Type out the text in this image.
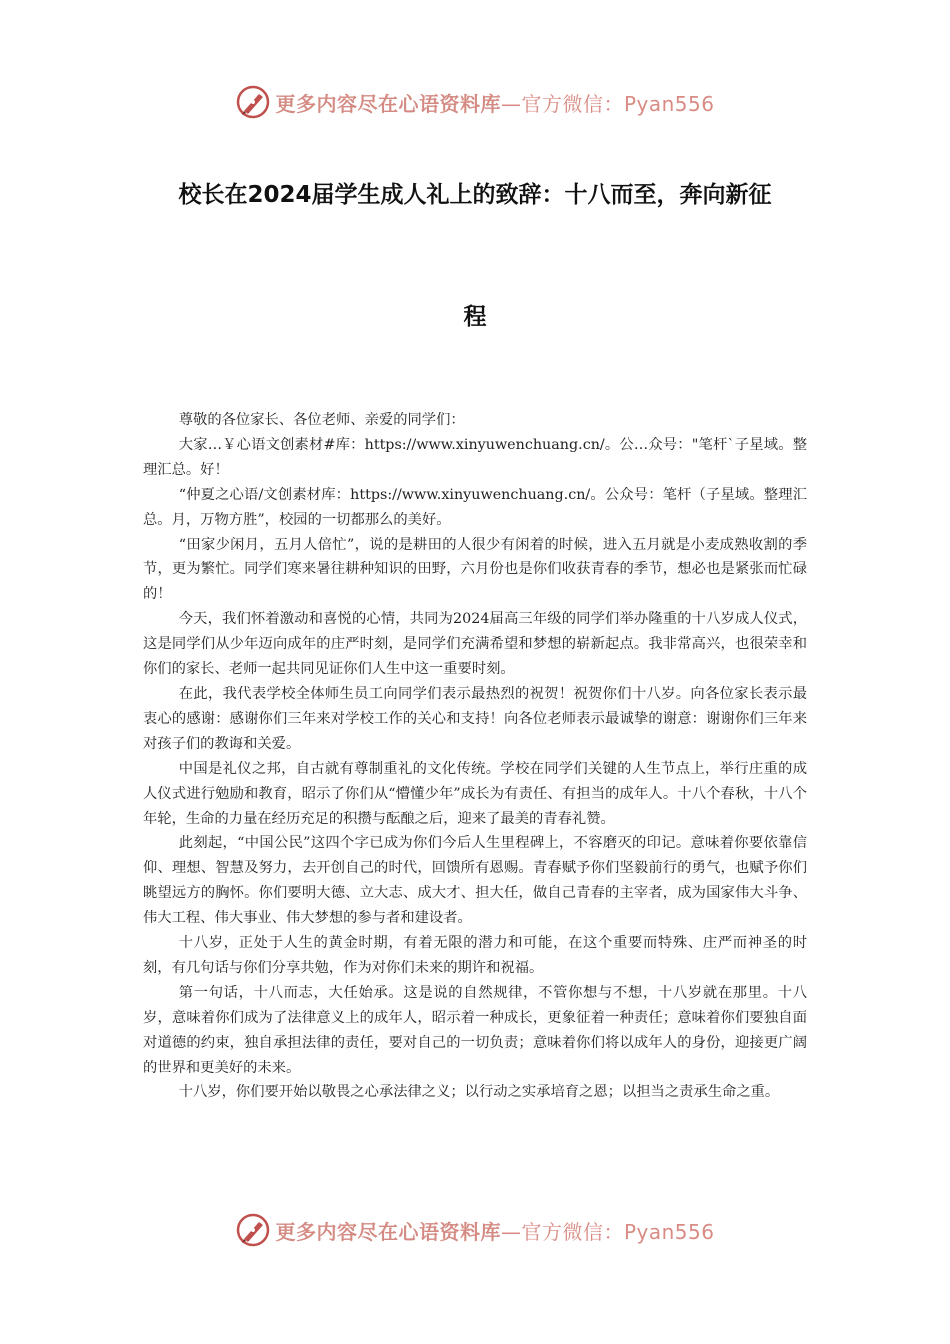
更多内容尽在心语资料库—官方微信：Pyan556
校长在2024届学生成人礼上的致辞：十八而至，奔向新征
程

尊敬的各位家长、各位老师、亲爱的同学们：

大家…￥心语文创素材#库：https://www.xinyuwenchuang.cn/。公…众号："笔杆`子星域。整理汇总。好！

“仲夏之心语/文创素材库：https://www.xinyuwenchuang.cn/。公众号：笔杆（子星域。整理汇总。月，万物方胜”，校园的一切都那么的美好。

“田家少闲月，五月人倍忙”，说的是耕田的人很少有闲着的时候，进入五月就是小麦成熟收割的季节，更为繁忙。同学们寒来暑往耕种知识的田野，六月份也是你们收获青春的季节，想必也是紧张而忙碌的！

今天，我们怀着激动和喜悦的心情，共同为2024届高三年级的同学们举办隆重的十八岁成人仪式，这是同学们从少年迈向成年的庄严时刻，是同学们充满希望和梦想的崭新起点。我非常高兴，也很荣幸和你们的家长、老师一起共同见证你们人生中这一重要时刻。

在此，我代表学校全体师生员工向同学们表示最热烈的祝贺！祝贺你们十八岁。向各位家长表示最衷心的感谢：感谢你们三年来对学校工作的关心和支持！向各位老师表示最诚挚的谢意：谢谢你们三年来对孩子们的教诲和关爱。

中国是礼仪之邦，自古就有尊制重礼的文化传统。学校在同学们关键的人生节点上，举行庄重的成人仪式进行勉励和教育，昭示了你们从“懵懂少年”成长为有责任、有担当的成年人。十八个春秋，十八个年轮，生命的力量在经历充足的积攒与酝酿之后，迎来了最美的青春礼赞。

此刻起，“中国公民”这四个字已成为你们今后人生里程碑上，不容磨灭的印记。意味着你要依靠信仰、理想、智慧及努力，去开创自己的时代，回馈所有恩赐。青春赋予你们坚毅前行的勇气，也赋予你们眺望远方的胸怀。你们要明大德、立大志、成大才、担大任，做自己青春的主宰者，成为国家伟大斗争、伟大工程、伟大事业、伟大梦想的参与者和建设者。

十八岁，正处于人生的黄金时期，有着无限的潜力和可能，在这个重要而特殊、庄严而神圣的时刻，有几句话与你们分享共勉，作为对你们未来的期许和祝福。

第一句话，十八而志，大任始承。这是说的自然规律，不管你想与不想，十八岁就在那里。十八岁，意味着你们成为了法律意义上的成年人，昭示着一种成长，更象征着一种责任；意味着你们要独自面对道德的约束，独自承担法律的责任，要对自己的一切负责；意味着你们将以成年人的身份，迎接更广阔的世界和更美好的未来。

十八岁，你们要开始以敬畏之心承法律之义；以行动之实承培育之恩；以担当之责承生命之重。

更多内容尽在心语资料库—官方微信：Pyan556
